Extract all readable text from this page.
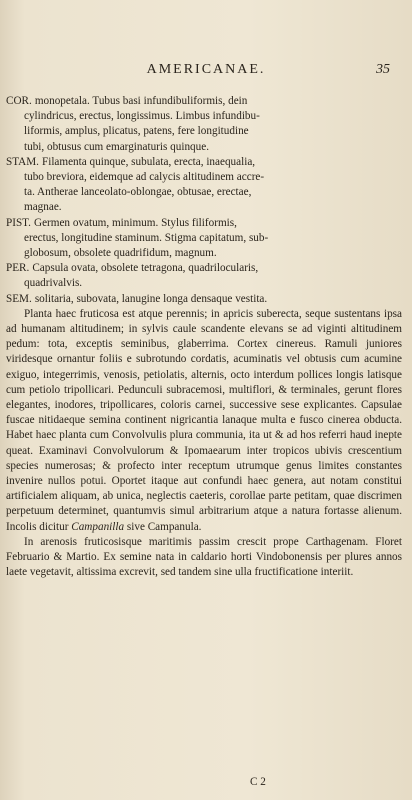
AMERICANAE.	35
COR. monopetala. Tubus basi infundibuliformis, dein
cylindricus, erectus, longissimus. Limbus infundibu-
liformis, amplus, plicatus, patens, fere longitudine
tubi, obtusus cum emarginaturis quinque.
STAM. Filamenta quinque, subulata, erecta, inaequalia,
tubo breviora, eidemque ad calycis altitudinem accre-
ta. Antherae lanceolato-oblongae, obtusae, erectae,
magnae.
PIST. Germen ovatum, minimum. Stylus filiformis,
erectus, longitudine staminum. Stigma capitatum, sub-
globosum, obsolete quadrifidum, magnum.
PER. Capsula ovata, obsolete tetragona, quadrilocularis,
quadrivalvis.
SEM. solitaria, subovata, lanugine longa densaque vestita.

Planta haec fruticosa est atque perennis; in apricis suberecta, seque sustentans ipsa ad humanam altitudinem; in sylvis caule scandente elevans se ad viginti altitudinem pedum: tota, exceptis seminibus, glaberrima. Cortex cinereus. Ramuli juniores viridesque ornantur foliis e subrotundo cordatis, acuminatis vel obtusis cum acumine exiguo, integerrimis, venosis, petiolatis, alternis, octo interdum pollices longis latisque cum petiolo tripollicari. Pedunculi subracemosi, multiflori, & terminales, gerunt flores elegantes, inodores, tripollicares, coloris carnei, successive sese explicantes. Capsulae fuscae nitidaeque semina continent nigricantia lanaque multa e fusco cinerea obducta. Habet haec planta cum Convolvulis plura communia, ita ut & ad hos referri haud inepte queat. Examinavi Convolvulorum & Ipomaearum inter tropicos ubivis crescentium species numerosas; & profecto inter receptum utrumque genus limites constantes invenire nullos potui. Oportet itaque aut confundi haec genera, aut notam constitui artificialem aliquam, ab unica, neglectis caeteris, corollae parte petitam, quae discrimen perpetuum determinet, quantumvis simul arbitrarium atque a natura fortasse alienum. Incolis dicitur Campanilla sive Campanula.

In arenosis fruticosisque maritimis passim crescit prope Carthagenam. Floret Februario & Martio. Ex semine nata in caldario horti Vindobonensis per plures annos laete vegetavit, altissima excrevit, sed tandem sine ulla fructificatione interiit.

C 2
